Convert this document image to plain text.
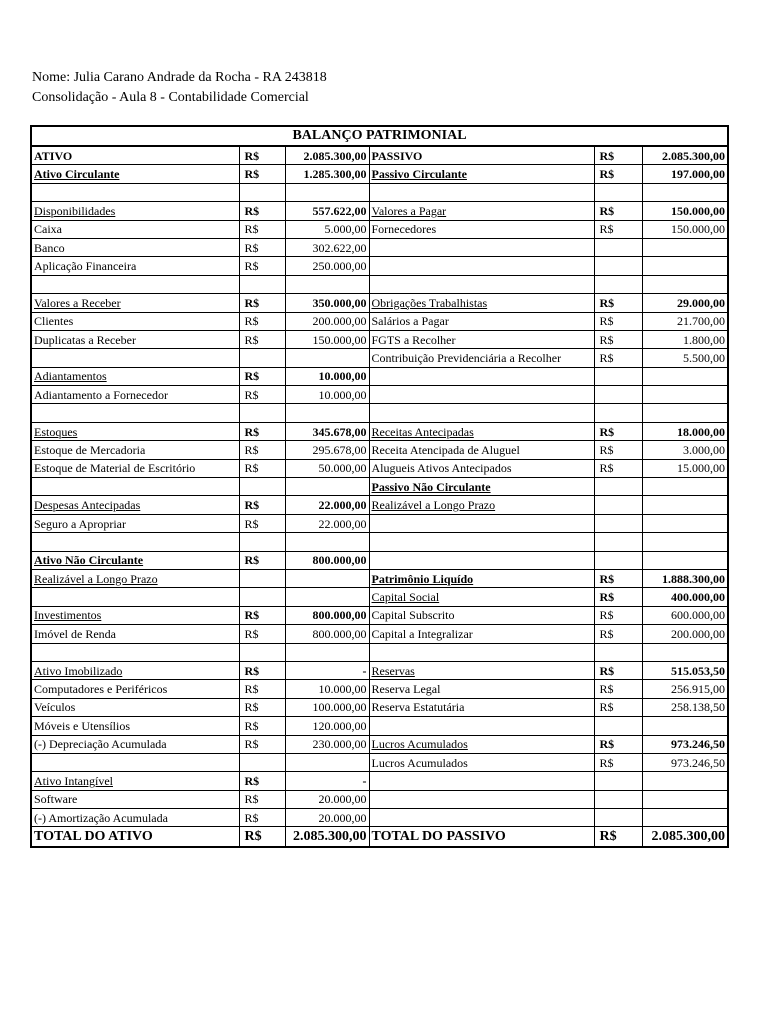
Nome: Julia Carano Andrade da Rocha - RA 243818
Consolidação - Aula 8 - Contabilidade Comercial
BALANÇO PATRIMONIAL					
ATIVO	R$	2.085.300,00	PASSIVO	R$	2.085.300,00
Ativo Circulante	R$	1.285.300,00	Passivo Circulante	R$	197.000,00

Disponibilidades	R$	557.622,00	Valores a Pagar	R$	150.000,00
Caixa	R$	5.000,00	Fornecedores	R$	150.000,00
Banco	R$	302.622,00			
Aplicação Financeira	R$	250.000,00			

Valores a Receber	R$	350.000,00	Obrigações Trabalhistas	R$	29.000,00
Clientes	R$	200.000,00	Salários a Pagar	R$	21.700,00
Duplicatas a Receber	R$	150.000,00	FGTS a Recolher	R$	1.800,00
			Contribuição Previdenciária a Recolher	R$	5.500,00
Adiantamentos	R$	10.000,00			
Adiantamento a Fornecedor	R$	10.000,00			

Estoques	R$	345.678,00	Receitas Antecipadas	R$	18.000,00
Estoque de Mercadoria	R$	295.678,00	Receita Atencipada de Aluguel	R$	3.000,00
Estoque de Material de Escritório	R$	50.000,00	Alugueis Ativos Antecipados	R$	15.000,00
			Passivo Não Circulante		
Despesas Antecipadas	R$	22.000,00	Realizável a Longo Prazo		
Seguro a Apropriar	R$	22.000,00			

Ativo Não Circulante	R$	800.000,00			
Realizável a Longo Prazo			Patrimônio Liquído	R$	1.888.300,00
			Capital Social	R$	400.000,00
Investimentos	R$	800.000,00	Capital Subscrito	R$	600.000,00
Imóvel de Renda	R$	800.000,00	Capital a Integralizar	R$	200.000,00

Ativo Imobilizado	R$	-	Reservas	R$	515.053,50
Computadores e Periféricos	R$	10.000,00	Reserva Legal	R$	256.915,00
Veículos	R$	100.000,00	Reserva Estatutária	R$	258.138,50
Móveis e Utensílios	R$	120.000,00			
(-) Depreciação Acumulada	R$	230.000,00	Lucros Acumulados	R$	973.246,50
			Lucros Acumulados	R$	973.246,50
Ativo Intangível	R$	-			
Software	R$	20.000,00			
(-) Amortização Acumulada	R$	20.000,00			
TOTAL DO ATIVO	R$	2.085.300,00	TOTAL DO PASSIVO	R$	2.085.300,00
